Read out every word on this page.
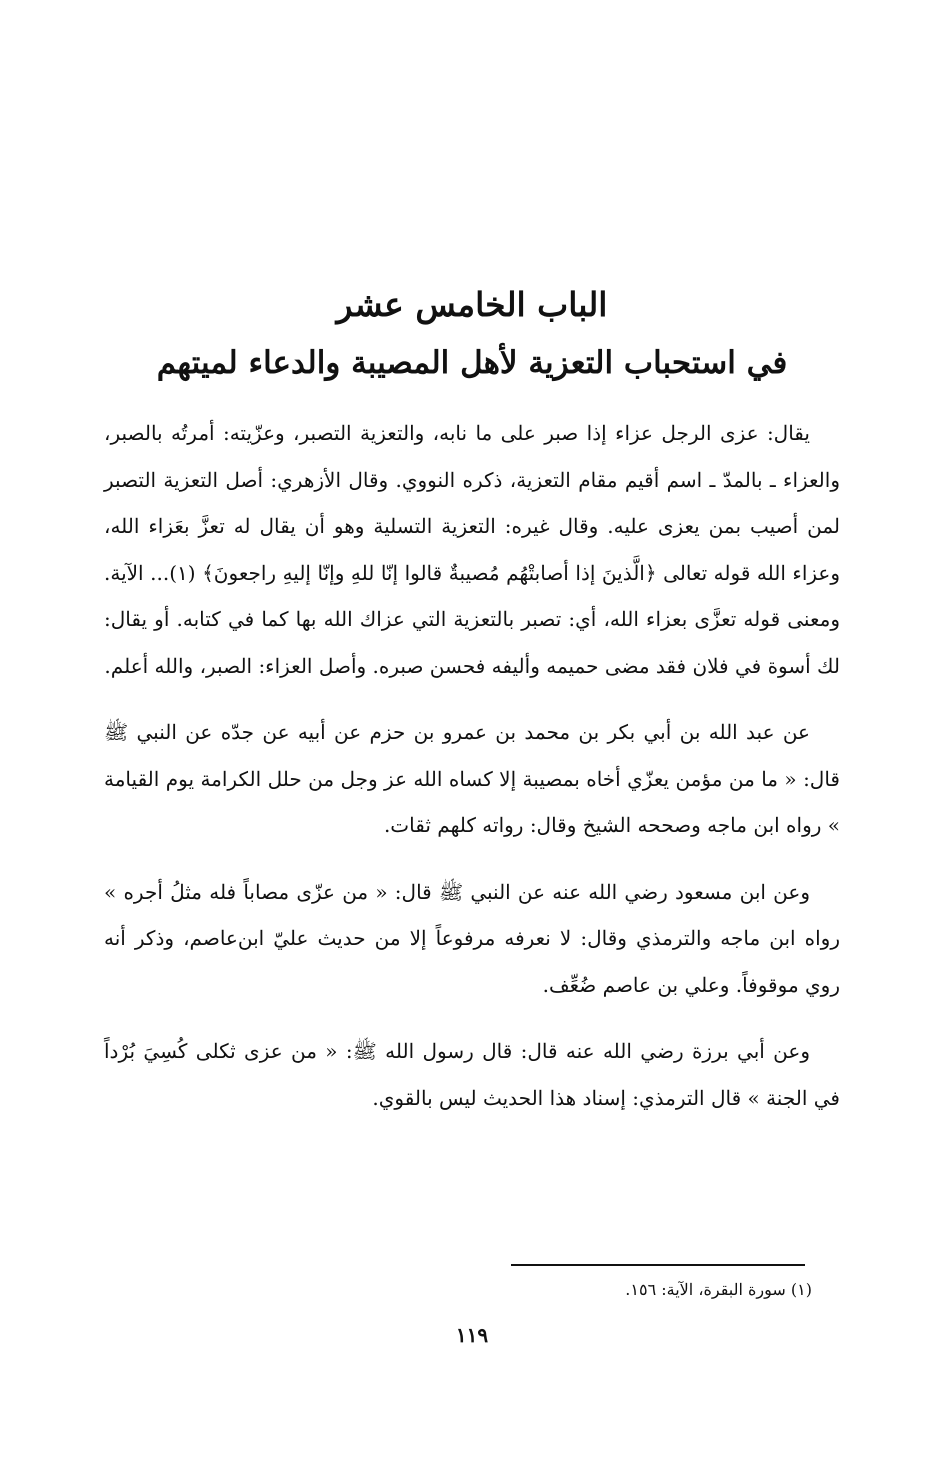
الباب الخامس عشر
في استحباب التعزية لأهل المصيبة والدعاء لميتهم

يقال: عزى الرجل عزاء إذا صبر على ما نابه، والتعزية التصبر، وعزّيته: أمرتُه بالصبر، والعزاء ـ بالمدّ ـ اسم أقيم مقام التعزية، ذكره النووي. وقال الأزهري: أصل التعزية التصبر لمن أصيب بمن يعزى عليه. وقال غيره: التعزية التسلية وهو أن يقال له تعزَّ بعَزاء الله، وعزاء الله قوله تعالى ﴿الَّذينَ إذا أصابتْهُم مُصيبةٌ قالوا إنّا للهِ وإنّا إليهِ راجعونَ﴾ (١)... الآية. ومعنى قوله تعزَّى بعزاء الله، أي: تصبر بالتعزية التي عزاك الله بها كما في كتابه. أو يقال: لك أسوة في فلان فقد مضى حميمه وأليفه فحسن صبره. وأصل العزاء: الصبر، والله أعلم.

عن عبد الله بن أبي بكر بن محمد بن عمرو بن حزم عن أبيه عن جدّه عن النبي ﷺ قال: « ما من مؤمن يعزّي أخاه بمصيبة إلا كساه الله عز وجل من حلل الكرامة يوم القيامة » رواه ابن ماجه وصححه الشيخ وقال: رواته كلهم ثقات.

وعن ابن مسعود رضي الله عنه عن النبي ﷺ قال: « من عزّى مصاباً فله مثلُ أجره » رواه ابن ماجه والترمذي وقال: لا نعرفه مرفوعاً إلا من حديث عليّ ابن‌عاصم، وذكر أنه روي موقوفاً. وعلي بن عاصم ضُعِّف.

وعن أبي برزة رضي الله عنه قال: قال رسول الله ﷺ: « من عزى ثكلى كُسِيَ بُرْداً في الجنة » قال الترمذي: إسناد هذا الحديث ليس بالقوي.

(١) سورة البقرة، الآية: ١٥٦.
١١٩
